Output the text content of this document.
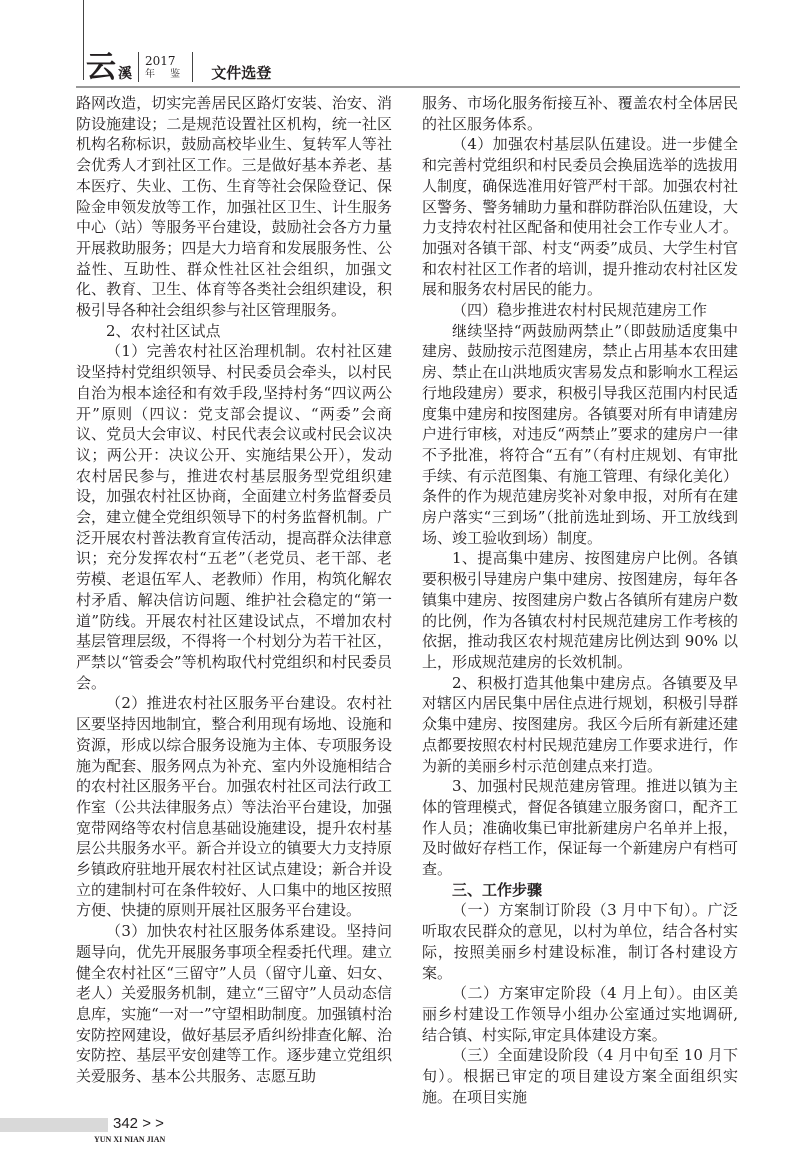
云 溪
2017
年 鉴 文件选登

路网改造，切实完善居民区路灯安装、治安、消防设施建设；二是规范设置社区机构，统一社区机构名称标识，鼓励高校毕业生、复转军人等社会优秀人才到社区工作。三是做好基本养老、基本医疗、失业、工伤、生育等社会保险登记、保险金申领发放等工作，加强社区卫生、计生服务中心（站）等服务平台建设，鼓励社会各方力量开展救助服务；四是大力培育和发展服务性、公益性、互助性、群众性社区社会组织，加强文化、教育、卫生、体育等各类社会组织建设，积极引导各种社会组织参与社区管理服务。

2、农村社区试点

（1）完善农村社区治理机制。农村社区建设坚持村党组织领导、村民委员会牵头，以村民自治为根本途径和有效手段,坚持村务“四议两公开”原则（四议：党支部会提议、“两委”会商议、党员大会审议、村民代表会议或村民会议决议；两公开：决议公开、实施结果公开），发动农村居民参与，推进农村基层服务型党组织建设，加强农村社区协商，全面建立村务监督委员会，建立健全党组织领导下的村务监督机制。广泛开展农村普法教育宣传活动，提高群众法律意识；充分发挥农村“五老”（老党员、老干部、老劳模、老退伍军人、老教师）作用，构筑化解农村矛盾、解决信访问题、维护社会稳定的“第一道”防线。开展农村社区建设试点，不增加农村基层管理层级，不得将一个村划分为若干社区，严禁以“管委会”等机构取代村党组织和村民委员会。

（2）推进农村社区服务平台建设。农村社区要坚持因地制宜，整合利用现有场地、设施和资源，形成以综合服务设施为主体、专项服务设施为配套、服务网点为补充、室内外设施相结合的农村社区服务平台。加强农村社区司法行政工作室（公共法律服务点）等法治平台建设，加强宽带网络等农村信息基础设施建设，提升农村基层公共服务水平。新合并设立的镇要大力支持原乡镇政府驻地开展农村社区试点建设；新合并设立的建制村可在条件较好、人口集中的地区按照方便、快捷的原则开展社区服务平台建设。

（3）加快农村社区服务体系建设。坚持问题导向，优先开展服务事项全程委托代理。建立健全农村社区“三留守”人员（留守儿童、妇女、老人）关爱服务机制，建立“三留守”人员动态信息库，实施“一对一”守望相助制度。加强镇村治安防控网建设，做好基层矛盾纠纷排查化解、治安防控、基层平安创建等工作。逐步建立党组织关爱服务、基本公共服务、志愿互助

服务、市场化服务衔接互补、覆盖农村全体居民的社区服务体系。

（4）加强农村基层队伍建设。进一步健全和完善村党组织和村民委员会换届选举的选拔用人制度，确保选准用好管严村干部。加强农村社区警务、警务辅助力量和群防群治队伍建设，大力支持农村社区配备和使用社会工作专业人才。加强对各镇干部、村支“两委”成员、大学生村官和农村社区工作者的培训，提升推动农村社区发展和服务农村居民的能力。

（四）稳步推进农村村民规范建房工作

继续坚持“两鼓励两禁止”（即鼓励适度集中建房、鼓励按示范图建房，禁止占用基本农田建房、禁止在山洪地质灾害易发点和影响水工程运行地段建房）要求，积极引导我区范围内村民适度集中建房和按图建房。各镇要对所有申请建房户进行审核，对违反“两禁止”要求的建房户一律不予批准，将符合“五有”（有村庄规划、有审批手续、有示范图集、有施工管理、有绿化美化）条件的作为规范建房奖补对象申报，对所有在建房户落实“三到场”（批前选址到场、开工放线到场、竣工验收到场）制度。

1、提高集中建房、按图建房户比例。各镇要积极引导建房户集中建房、按图建房，每年各镇集中建房、按图建房户数占各镇所有建房户数的比例，作为各镇农村村民规范建房工作考核的依据，推动我区农村规范建房比例达到 90% 以上，形成规范建房的长效机制。

2、积极打造其他集中建房点。各镇要及早对辖区内居民集中居住点进行规划，积极引导群众集中建房、按图建房。我区今后所有新建还建点都要按照农村村民规范建房工作要求进行，作为新的美丽乡村示范创建点来打造。

3、加强村民规范建房管理。推进以镇为主体的管理模式，督促各镇建立服务窗口，配齐工作人员；准确收集已审批新建房户名单并上报，及时做好存档工作，保证每一个新建房户有档可查。

三、工作步骤

（一）方案制订阶段（3 月中下旬）。广泛听取农民群众的意见，以村为单位，结合各村实际，按照美丽乡村建设标准，制订各村建设方案。

（二）方案审定阶段（4 月上旬）。由区美丽乡村建设工作领导小组办公室通过实地调研,结合镇、村实际,审定具体建设方案。

（三）全面建设阶段（4 月中旬至 10 月下旬）。根据已审定的项目建设方案全面组织实施。在项目实施

342 > >
YUN XI NIAN JIAN
